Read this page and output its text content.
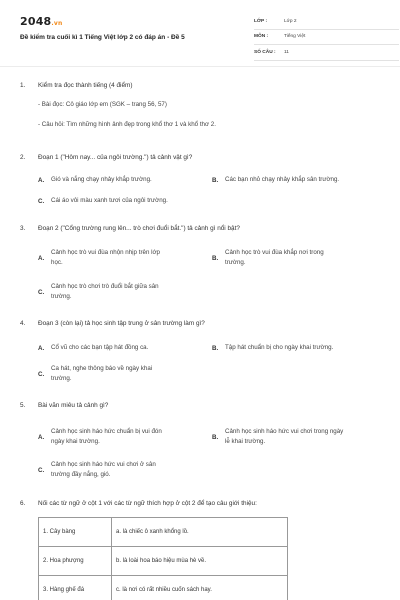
2048.vn
Đề kiểm tra cuối kì 1 Tiếng Việt lớp 2 có đáp án - Đề 5
LỚP :	Lớp 2
MÔN :	Tiếng Việt
SỐ CÂU :	11
1. Kiểm tra đọc thành tiếng (4 điểm)
- Bài đọc: Cô giáo lớp em (SGK – trang 56, 57)
- Câu hỏi: Tìm những hình ảnh đẹp trong khổ thơ 1 và khổ thơ 2.
2. Đoạn 1 ("Hôm nay... của ngôi trường.") tả cảnh vật gì?
A.	Gió và nắng chạy nhảy khắp trường.	B.	Các bạn nhỏ chạy nhảy khắp sân trường.
C.	Cái áo vôi màu xanh tươi của ngôi trường.
3. Đoạn 2 ("Cổng trường rung lên... trò chơi đuổi bắt.") tả cảnh gì nổi bật?
A.
Cảnh học trò vui đùa nhộn nhịp trên lớp
học.
B.
Cảnh học trò vui đùa khắp nơi trong
trường.
C.
Cảnh học trò chơi trò đuổi bắt giữa sân
trường.
4. Đoạn 3 (còn lại) tả học sinh tập trung ở sân trường làm gì?
A.	Cổ vũ cho các bạn tập hát đồng ca.	B.	Tập hát chuẩn bị cho ngày khai trường.
C.
Ca hát, nghe thông báo về ngày khai
trường.
5. Bài văn miêu tả cảnh gì?
A.
Cảnh học sinh háo hức chuẩn bị vui đón
ngày khai trường.
B.
Cảnh học sinh háo hức vui chơi trong ngày
lễ khai trường.
C.
Cảnh học sinh háo hức vui chơi ở sân
trường đầy nắng, gió.
6. Nối các từ ngữ ở cột 1 với các từ ngữ thích hợp ở cột 2 để tạo câu giới thiệu:
1. Cây bàng	a. là chiếc ô xanh khổng lồ.
2. Hoa phượng	b. là loài hoa báo hiệu mùa hè về.
3. Hàng ghế đá	c. là nơi có rất nhiều cuốn sách hay.
